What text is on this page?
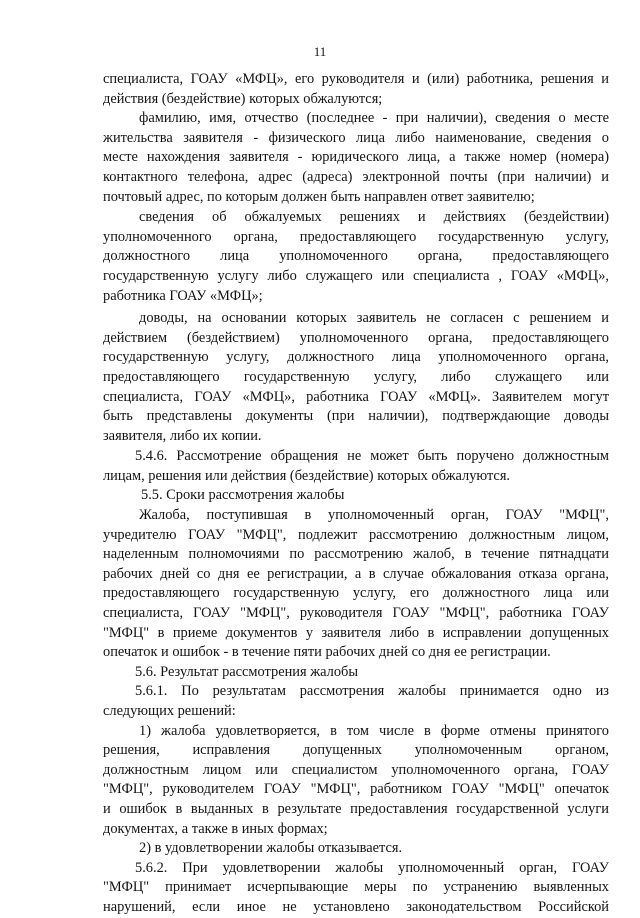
11
специалиста, ГОАУ «МФЦ», его руководителя и (или) работника, решения и
действия (бездействие) которых обжалуются;
фамилию, имя, отчество (последнее - при наличии), сведения о месте
жительства заявителя - физического лица либо наименование, сведения о
месте нахождения заявителя - юридического лица, а также номер (номера)
контактного телефона, адрес (адреса) электронной почты (при наличии) и
почтовый адрес, по которым должен быть направлен ответ заявителю;
сведения об обжалуемых решениях и действиях (бездействии)
уполномоченного органа, предоставляющего государственную услугу,
должностного лица уполномоченного органа, предоставляющего
государственную услугу либо служащего или специалиста , ГОАУ «МФЦ»,
работника ГОАУ «МФЦ»;
доводы, на основании которых заявитель не согласен с решением и
действием (бездействием) уполномоченного органа, предоставляющего
государственную услугу, должностного лица уполномоченного органа,
предоставляющего государственную услугу, либо служащего или
специалиста, ГОАУ «МФЦ», работника ГОАУ «МФЦ». Заявителем могут
быть представлены документы (при наличии), подтверждающие доводы
заявителя, либо их копии.
5.4.6. Рассмотрение обращения не может быть поручено должностным
лицам, решения или действия (бездействие) которых обжалуются.
5.5. Сроки рассмотрения жалобы
Жалоба, поступившая в уполномоченный орган, ГОАУ "МФЦ",
учредителю ГОАУ "МФЦ", подлежит рассмотрению должностным лицом,
наделенным полномочиями по рассмотрению жалоб, в течение пятнадцати
рабочих дней со дня ее регистрации, а в случае обжалования отказа органа,
предоставляющего государственную услугу, его должностного лица или
специалиста, ГОАУ "МФЦ", руководителя ГОАУ "МФЦ", работника ГОАУ
"МФЦ" в приеме документов у заявителя либо в исправлении допущенных
опечаток и ошибок - в течение пяти рабочих дней со дня ее регистрации.
5.6. Результат рассмотрения жалобы
5.6.1. По результатам рассмотрения жалобы принимается одно из
следующих решений:
1) жалоба удовлетворяется, в том числе в форме отмены принятого
решения, исправления допущенных уполномоченным органом,
должностным лицом или специалистом уполномоченного органа, ГОАУ
"МФЦ", руководителем ГОАУ "МФЦ", работником ГОАУ "МФЦ" опечаток
и ошибок в выданных в результате предоставления государственной услуги
документах, а также в иных формах;
2) в удовлетворении жалобы отказывается.
5.6.2. При удовлетворении жалобы уполномоченный орган, ГОАУ
"МФЦ" принимает исчерпывающие меры по устранению выявленных
нарушений, если иное не установлено законодательством Российской
